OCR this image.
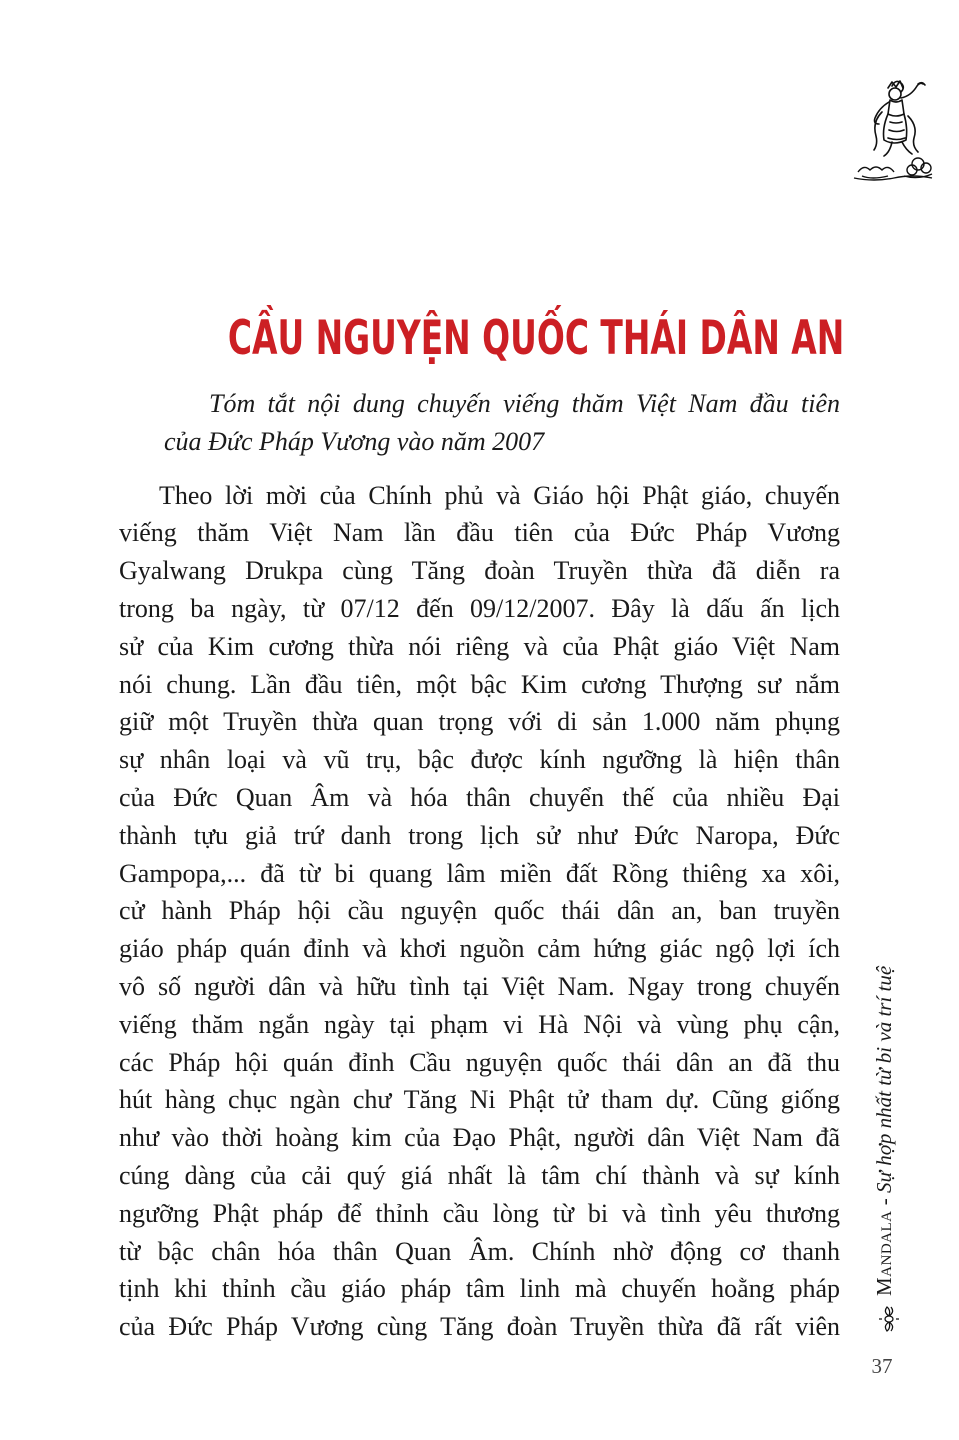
CẦU NGUYỆN QUỐC THÁI DÂN AN

Tóm tắt nội dung chuyến viếng thăm Việt Nam đầu tiên
của Đức Pháp Vương vào năm 2007

Theo lời mời của Chính phủ và Giáo hội Phật giáo, chuyến
viếng thăm Việt Nam lần đầu tiên của Đức Pháp Vương
Gyalwang Drukpa cùng Tăng đoàn Truyền thừa đã diễn ra
trong ba ngày, từ 07/12 đến 09/12/2007. Đây là dấu ấn lịch
sử của Kim cương thừa nói riêng và của Phật giáo Việt Nam
nói chung. Lần đầu tiên, một bậc Kim cương Thượng sư nắm
giữ một Truyền thừa quan trọng với di sản 1.000 năm phụng
sự nhân loại và vũ trụ, bậc được kính ngưỡng là hiện thân
của Đức Quan Âm và hóa thân chuyển thế của nhiều Đại
thành tựu giả trứ danh trong lịch sử như Đức Naropa, Đức
Gampopa,... đã từ bi quang lâm miền đất Rồng thiêng xa xôi,
cử hành Pháp hội cầu nguyện quốc thái dân an, ban truyền
giáo pháp quán đỉnh và khơi nguồn cảm hứng giác ngộ lợi ích
vô số người dân và hữu tình tại Việt Nam. Ngay trong chuyến
viếng thăm ngắn ngày tại phạm vi Hà Nội và vùng phụ cận,
các Pháp hội quán đỉnh Cầu nguyện quốc thái dân an đã thu
hút hàng chục ngàn chư Tăng Ni Phật tử tham dự. Cũng giống
như vào thời hoàng kim của Đạo Phật, người dân Việt Nam đã
cúng dàng của cải quý giá nhất là tâm chí thành và sự kính
ngưỡng Phật pháp để thỉnh cầu lòng từ bi và tình yêu thương
từ bậc chân hóa thân Quan Âm. Chính nhờ động cơ thanh
tịnh khi thỉnh cầu giáo pháp tâm linh mà chuyến hoằng pháp
của Đức Pháp Vương cùng Tăng đoàn Truyền thừa đã rất viên

Mandala - Sự hợp nhất từ bi và trí tuệ
37
